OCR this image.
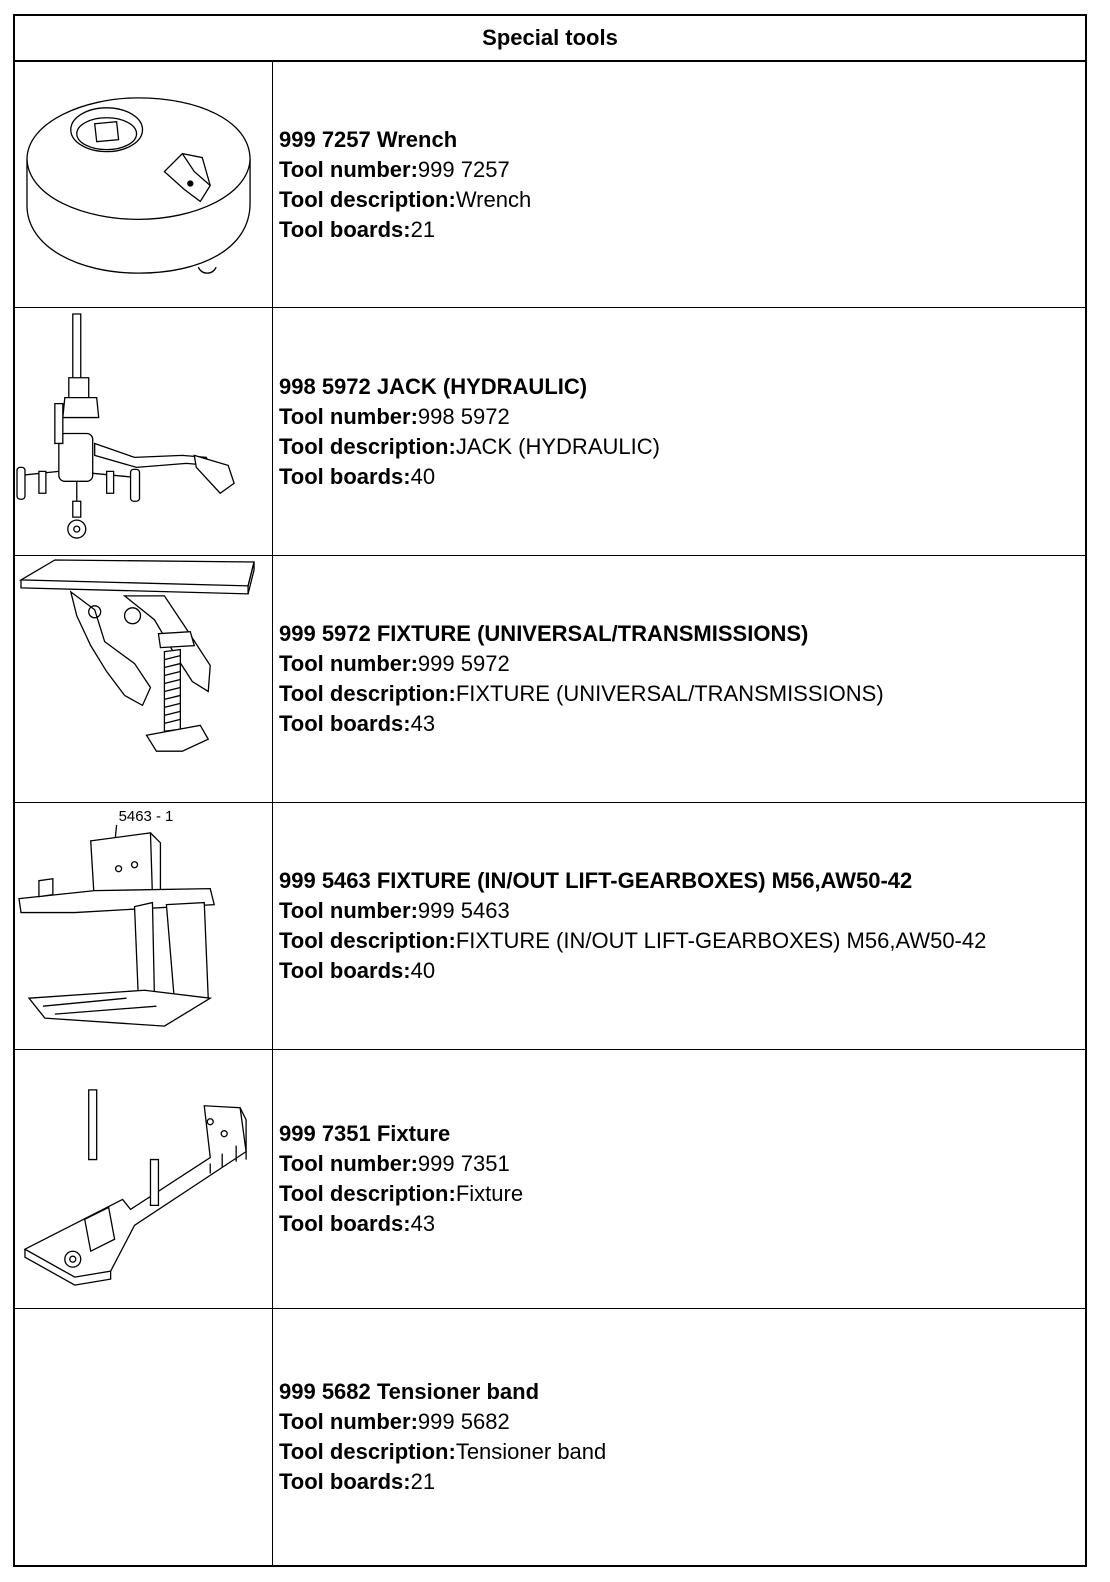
Special tools
999 7257 Wrench
Tool number:999 7257
Tool description:Wrench
Tool boards:21
998 5972 JACK (HYDRAULIC)
Tool number:998 5972
Tool description:JACK (HYDRAULIC)
Tool boards:40
999 5972 FIXTURE (UNIVERSAL/TRANSMISSIONS)
Tool number:999 5972
Tool description:FIXTURE (UNIVERSAL/TRANSMISSIONS)
Tool boards:43
5463 - 1
999 5463 FIXTURE (IN/OUT LIFT-GEARBOXES) M56,AW50-42
Tool number:999 5463
Tool description:FIXTURE (IN/OUT LIFT-GEARBOXES) M56,AW50-42
Tool boards:40
999 7351 Fixture
Tool number:999 7351
Tool description:Fixture
Tool boards:43
999 5682 Tensioner band
Tool number:999 5682
Tool description:Tensioner band
Tool boards:21
